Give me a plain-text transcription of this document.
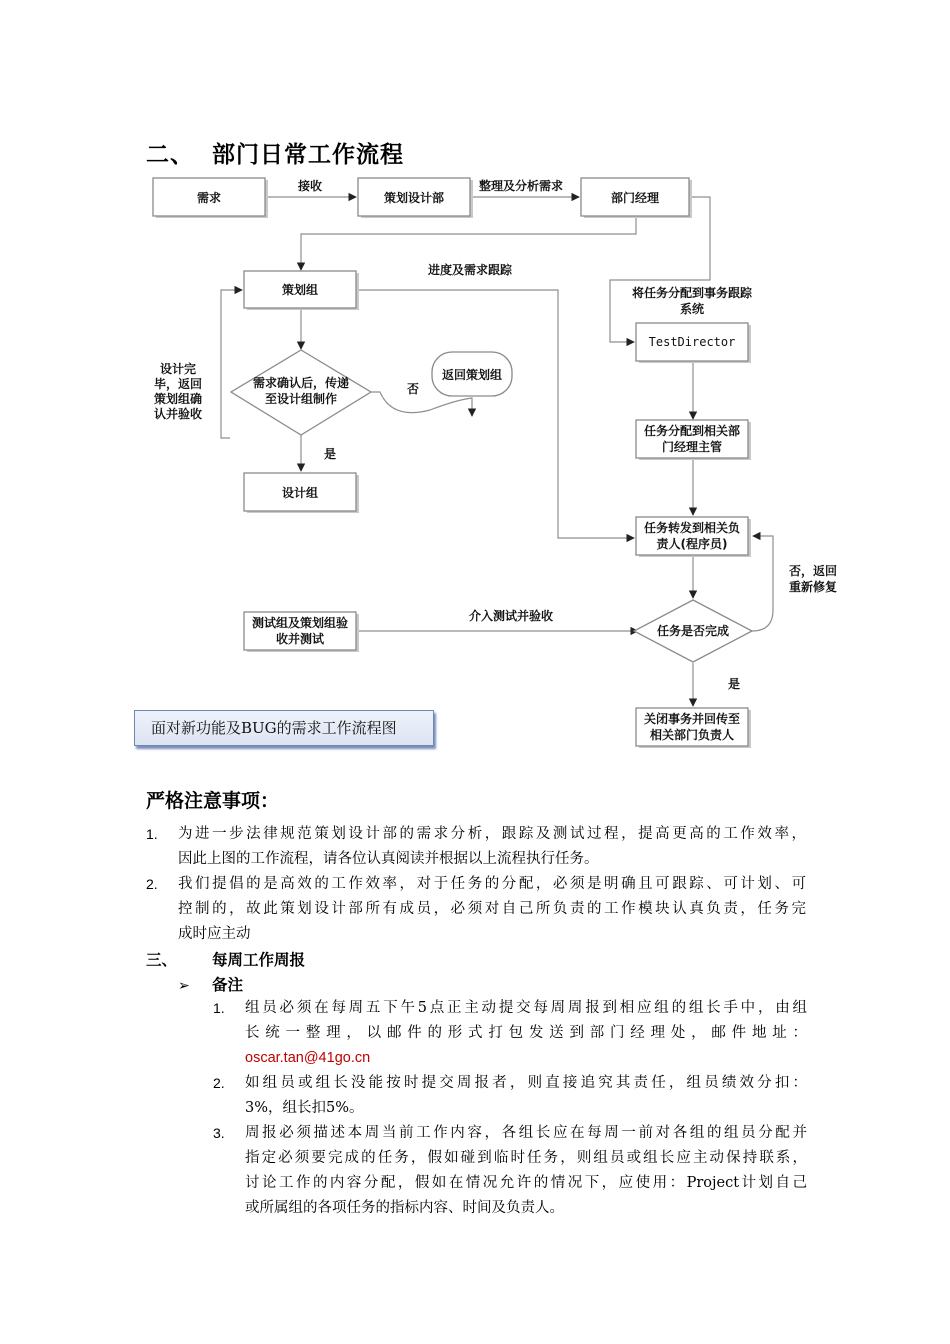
二、 部门日常工作流程
需求	策划设计部	部门经理
策划组
需求确认后，传递
至设计组制作
返回策划组
设计组
TestDirector
任务分配到相关部
门经理主管
任务转发到相关负
责人(程序员)
任务是否完成
测试组及策划组验
收并测试
关闭事务并回传至
相关部门负责人
接收	整理及分析需求
进度及需求跟踪
将任务分配到事务跟踪
系统
设计完
毕，返回
策划组确
认并验收
否
是
否，返回
重新修复
介入测试并验收
是
面对新功能及BUG的需求工作流程图
严格注意事项：
1. 为进一步法律规范策划设计部的需求分析，跟踪及测试过程，提高更高的工作效率，
因此上图的工作流程，请各位认真阅读并根据以上流程执行任务。
2. 我们提倡的是高效的工作效率，对于任务的分配，必须是明确且可跟踪、可计划、可
控制的，故此策划设计部所有成员，必须对自己所负责的工作模块认真负责，任务完
成时应主动
三、 每周工作周报
➢ 备注
1. 组员必须在每周五下午5点正主动提交每周周报到相应组的组长手中，由组
长统一整理，以邮件的形式打包发送到部门经理处，邮件地址：
oscar.tan@41go.cn
2. 如组员或组长没能按时提交周报者，则直接追究其责任，组员绩效分扣：
3%，组长扣5%。
3. 周报必须描述本周当前工作内容，各组长应在每周一前对各组的组员分配并
指定必须要完成的任务，假如碰到临时任务，则组员或组长应主动保持联系，
讨论工作的内容分配，假如在情况允许的情况下，应使用：Project计划自己
或所属组的各项任务的指标内容、时间及负责人。
